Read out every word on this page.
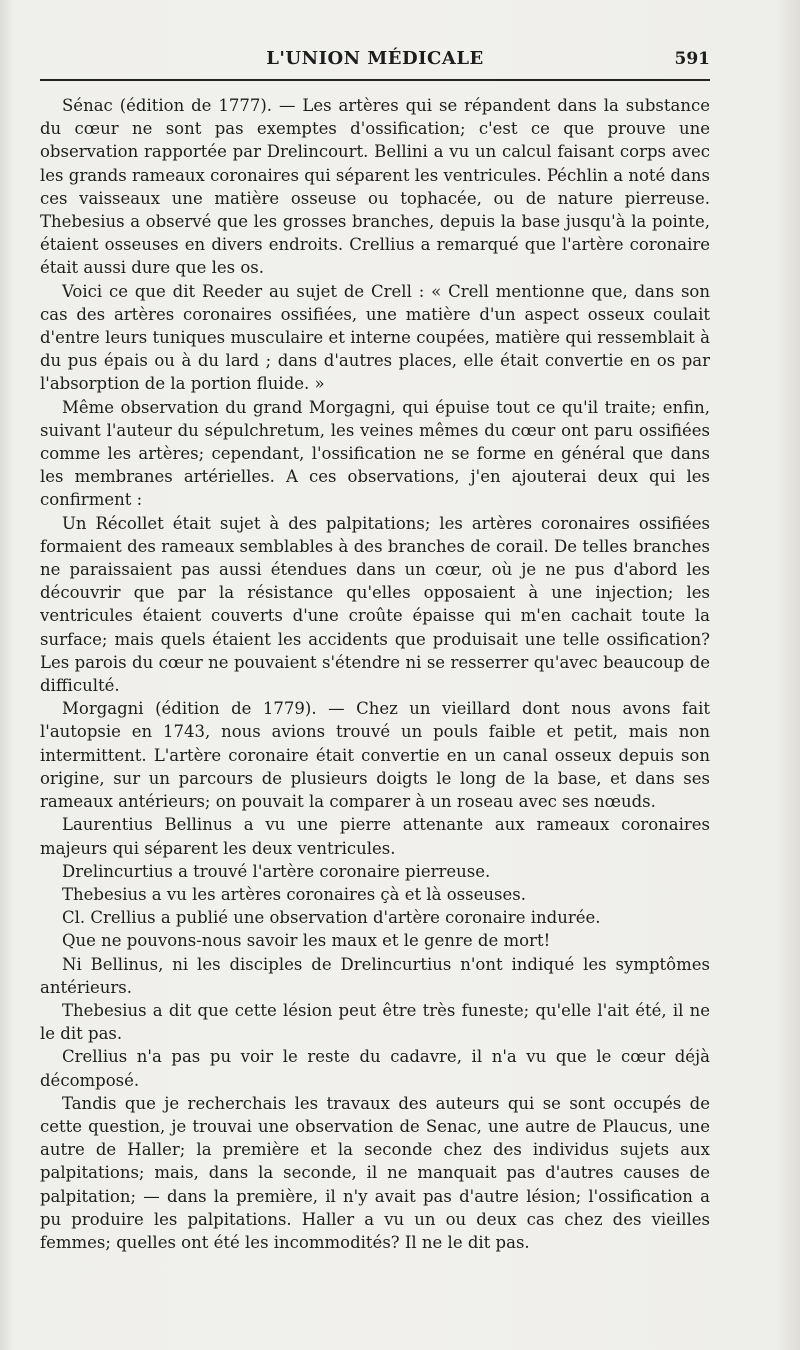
L'UNION MÉDICALE	591

Sénac (édition de 1777). — Les artères qui se répandent dans la substance du cœur ne sont pas exemptes d'ossification; c'est ce que prouve une observation rapportée par Drelincourt. Bellini a vu un calcul faisant corps avec les grands rameaux coronaires qui séparent les ventricules. Péchlin a noté dans ces vaisseaux une matière osseuse ou tophacée, ou de nature pierreuse. Thebesius a observé que les grosses branches, depuis la base jusqu'à la pointe, étaient osseuses en divers endroits. Crellius a remarqué que l'artère coronaire était aussi dure que les os.

Voici ce que dit Reeder au sujet de Crell : « Crell mentionne que, dans son cas des artères coronaires ossifiées, une matière d'un aspect osseux coulait d'entre leurs tuniques musculaire et interne coupées, matière qui ressemblait à du pus épais ou à du lard ; dans d'autres places, elle était convertie en os par l'absorption de la portion fluide. »

Même observation du grand Morgagni, qui épuise tout ce qu'il traite; enfin, suivant l'auteur du sépulchretum, les veines mêmes du cœur ont paru ossifiées comme les artères; cependant, l'ossification ne se forme en général que dans les membranes artérielles. A ces observations, j'en ajouterai deux qui les confirment :

Un Récollet était sujet à des palpitations; les artères coronaires ossifiées formaient des rameaux semblables à des branches de corail. De telles branches ne paraissaient pas aussi étendues dans un cœur, où je ne pus d'abord les découvrir que par la résistance qu'elles opposaient à une injection; les ventricules étaient couverts d'une croûte épaisse qui m'en cachait toute la surface; mais quels étaient les accidents que produisait une telle ossification? Les parois du cœur ne pouvaient s'étendre ni se resserrer qu'avec beaucoup de difficulté.

Morgagni (édition de 1779). — Chez un vieillard dont nous avons fait l'autopsie en 1743, nous avions trouvé un pouls faible et petit, mais non intermittent. L'artère coronaire était convertie en un canal osseux depuis son origine, sur un parcours de plusieurs doigts le long de la base, et dans ses rameaux antérieurs; on pouvait la comparer à un roseau avec ses nœuds.

Laurentius Bellinus a vu une pierre attenante aux rameaux coronaires majeurs qui séparent les deux ventricules.

Drelincurtius a trouvé l'artère coronaire pierreuse.

Thebesius a vu les artères coronaires çà et là osseuses.

Cl. Crellius a publié une observation d'artère coronaire indurée.

Que ne pouvons-nous savoir les maux et le genre de mort!

Ni Bellinus, ni les disciples de Drelincurtius n'ont indiqué les symptômes antérieurs.

Thebesius a dit que cette lésion peut être très funeste; qu'elle l'ait été, il ne le dit pas.

Crellius n'a pas pu voir le reste du cadavre, il n'a vu que le cœur déjà décomposé.

Tandis que je recherchais les travaux des auteurs qui se sont occupés de cette question, je trouvai une observation de Senac, une autre de Plaucus, une autre de Haller; la première et la seconde chez des individus sujets aux palpitations; mais, dans la seconde, il ne manquait pas d'autres causes de palpitation; — dans la première, il n'y avait pas d'autre lésion; l'ossification a pu produire les palpitations. Haller a vu un ou deux cas chez des vieilles femmes; quelles ont été les incommodités? Il ne le dit pas.
